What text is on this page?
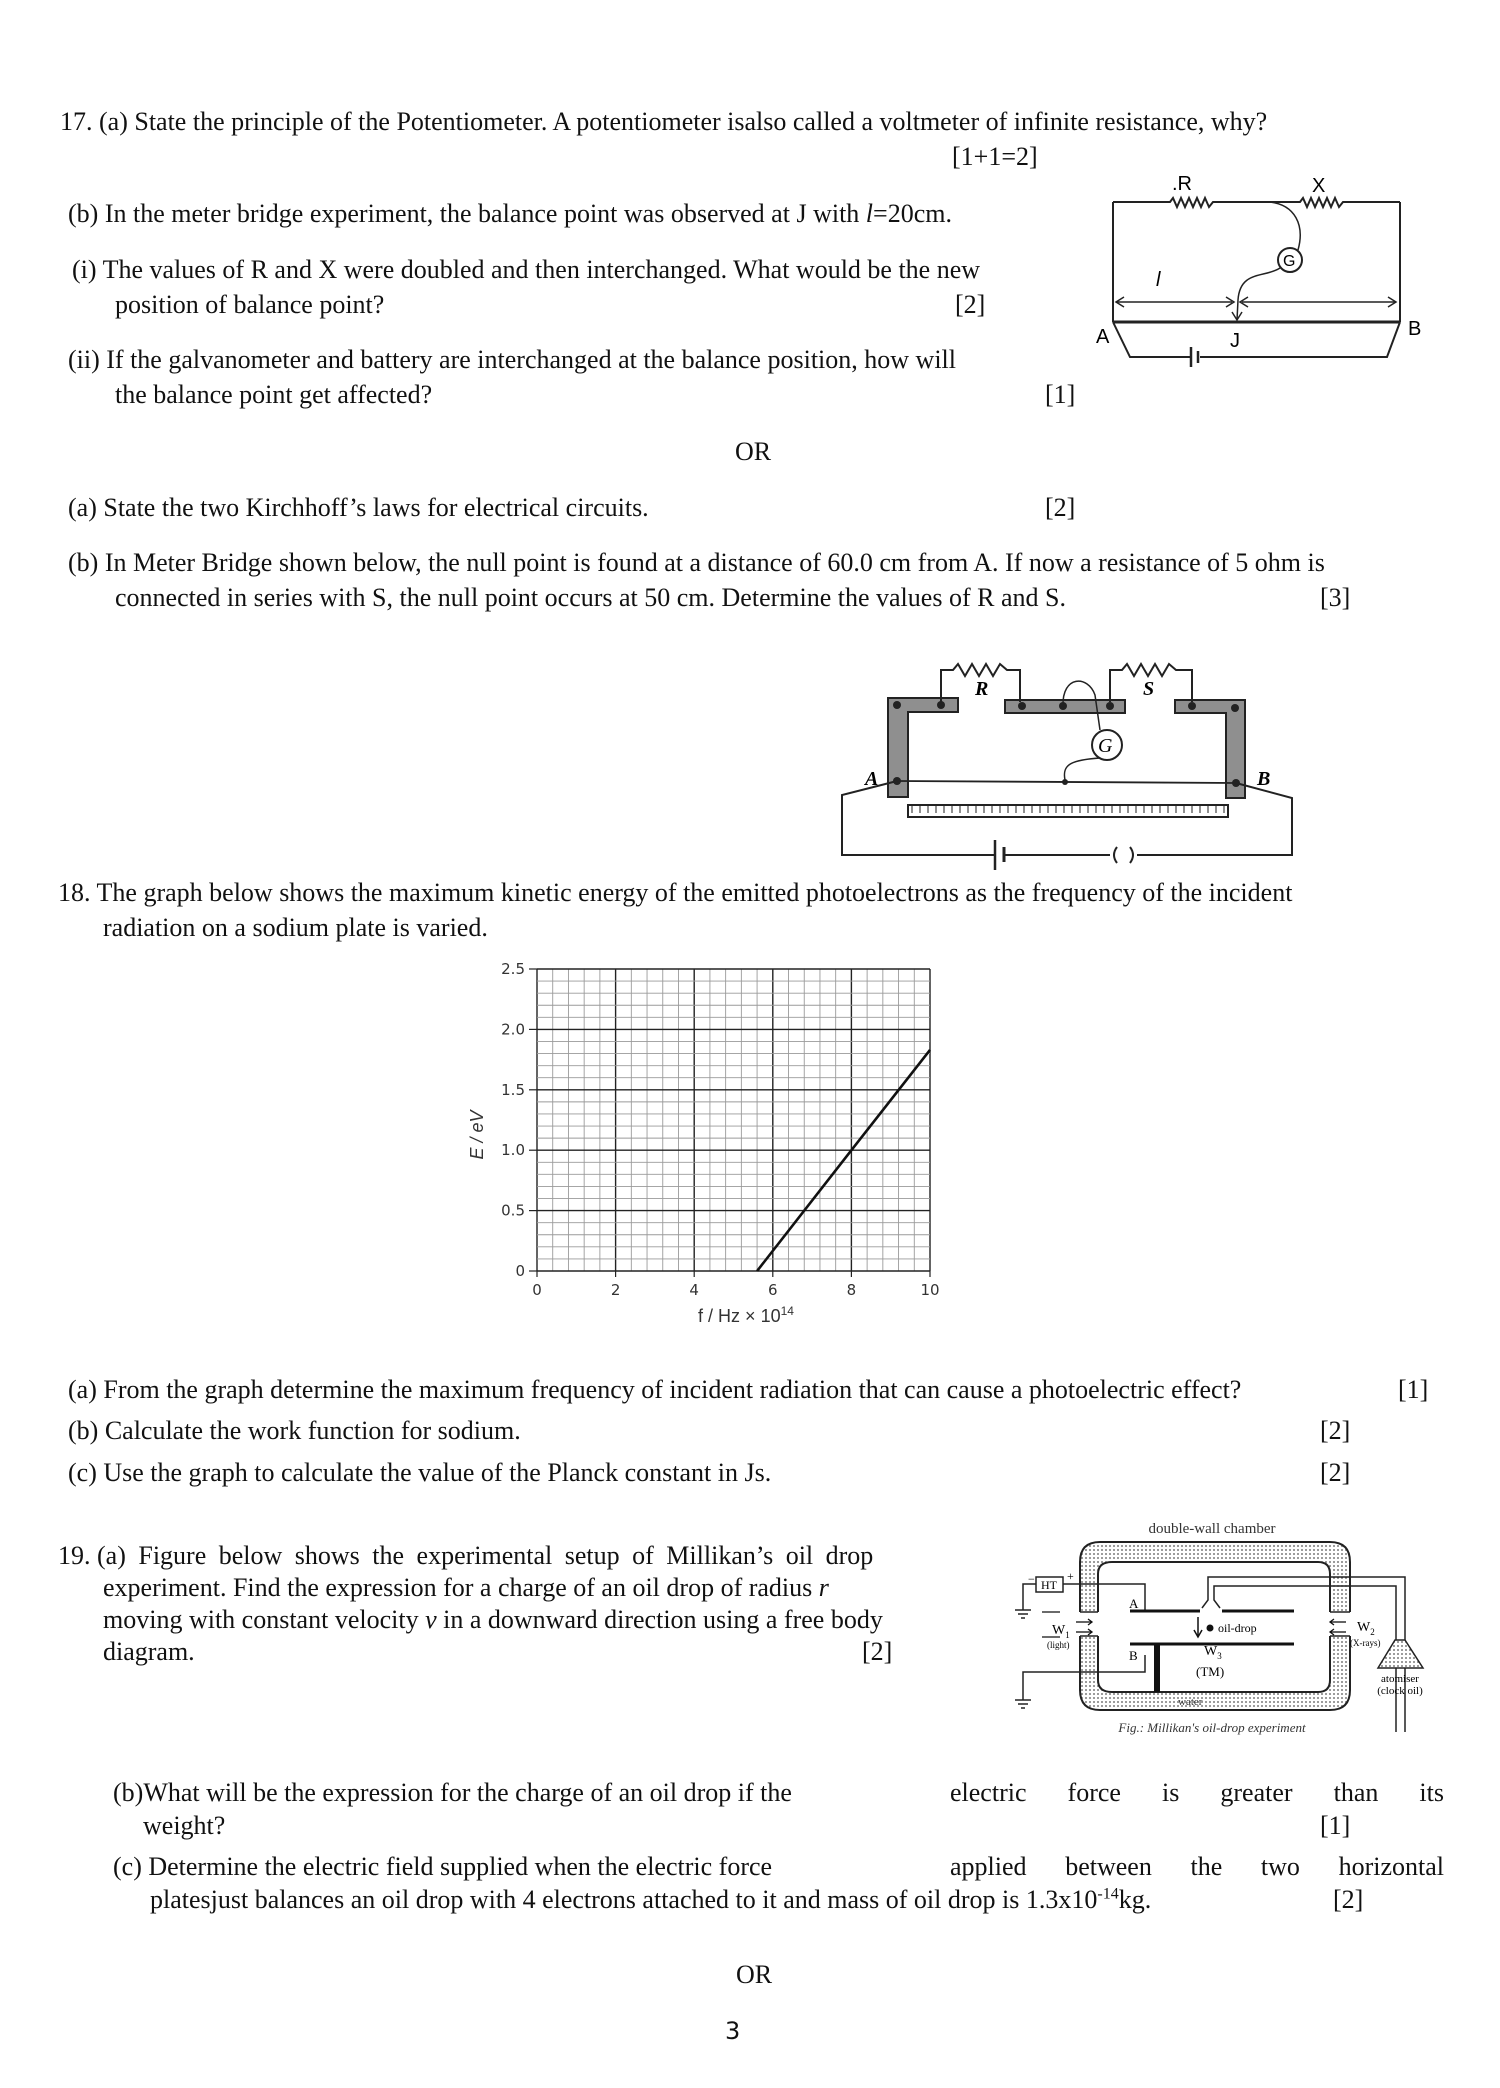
17. (a) State the principle of the Potentiometer. A potentiometer isalso called a voltmeter of infinite resistance, why?
[1+1=2]
(b) In the meter bridge experiment, the balance point was observed at J with l=20cm.
(i) The values of R and X were doubled and then interchanged. What would be the new
position of balance point?	[2]
(ii) If the galvanometer and battery are interchanged at the balance position, how will
the balance point get affected?	[1]
.R	X
G
l
A	B
J
OR
(a) State the two Kirchhoff’s laws for electrical circuits.	[2]
(b) In Meter Bridge shown below, the null point is found at a distance of 60.0 cm from A. If now a resistance of 5 ohm is
connected in series with S, the null point occurs at 50 cm. Determine the values of R and S.	[3]
R	S
G
A	B
18. The graph below shows the maximum kinetic energy of the emitted photoelectrons as the frequency of the incident
radiation on a sodium plate is varied.
0	2	4	6	8	10
0
0.5
1.0
1.5
2.0
2.5
E / eV
$f / Hz \times 10^{14}$
(a) From the graph determine the maximum frequency of incident radiation that can cause a photoelectric effect?	[1]
(b) Calculate the work function for sodium.	[2]
(c) Use the graph to calculate the value of the Planck constant in Js.	[2]
19. (a) Figure below shows the experimental setup of Millikan’s oil drop
experiment. Find the expression for a charge of an oil drop of radius r
moving with constant velocity v in a downward direction using a free body
diagram.	[2]
double-wall chamber
HT
−	+
oil-drop
A
B
$W_1$
(light)
$W_2$
(X-rays)
$W_3$
(TM)
water
atomiser
(clock oil)
Fig.: Millikan's oil-drop experiment
(b)What will be the expression for the charge of an oil drop if the	electric force is greater than its
weight?	[1]
(c) Determine the electric field supplied when the electric force	applied between the two horizontal
platesjust balances an oil drop with 4 electrons attached to it and mass of oil drop is $1.3x10^{-14}kg$.	[2]
OR
3
